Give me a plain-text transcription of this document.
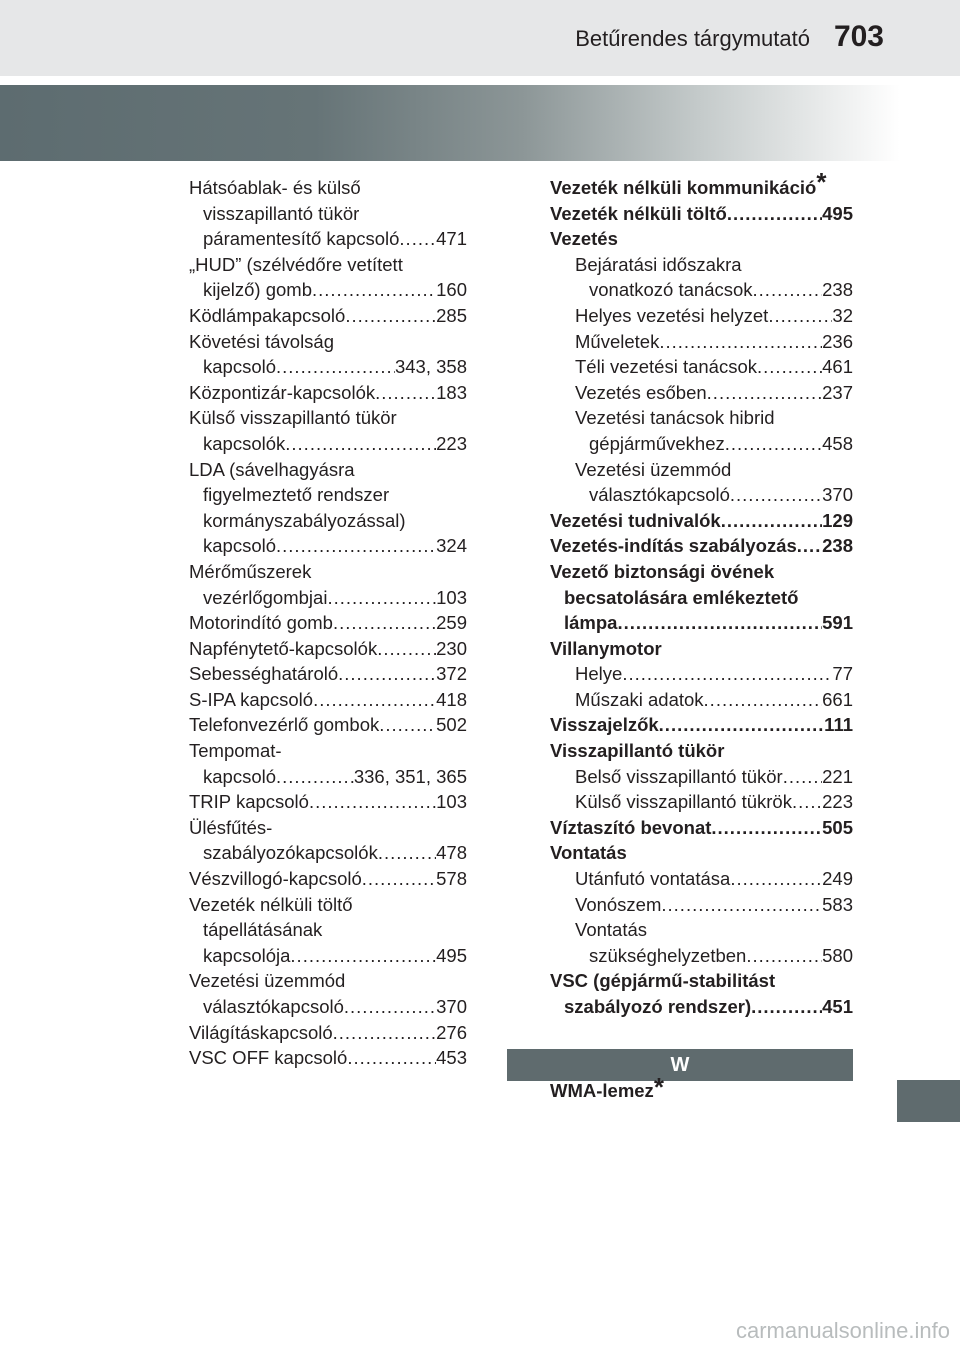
Betűrendes tárgymutató 703
Hátsóablak- és külső
visszapillantó tükör
páramentesítő kapcsoló ..... 471
„HUD” (szélvédőre vetített
kijelző) gomb .....	160
Ködlámpakapcsoló .....	285
Követési távolság
kapcsoló .....	343, 358
Központizár-kapcsolók .....	183
Külső visszapillantó tükör
kapcsolók .....	223
LDA (sávelhagyásra
figyelmeztető rendszer
kormányszabályozással)
kapcsoló .....	324
Mérőműszerek
vezérlőgombjai .....	103
Motorindító gomb .....	259
Napfénytető-kapcsolók .....	230
Sebességhatároló .....	372
S-IPA kapcsoló .....	418
Telefonvezérlő gombok .....	502
Tempomat-
kapcsoló .....	336, 351, 365
TRIP kapcsoló .....	103
Ülésfűtés-
szabályozókapcsolók .....	478
Vészvillogó-kapcsoló .....	578
Vezeték nélküli töltő
tápellátásának
kapcsolója .....	495
Vezetési üzemmód
választókapcsoló .....	370
Világításkapcsoló .....	276
VSC OFF kapcsoló .....	453
Vezeték nélküli kommunikáció*
Vezeték nélküli töltő .....	495
Vezetés
Bejáratási időszakra
vonatkozó tanácsok .....	238
Helyes vezetési helyzet .....	32
Műveletek .....	236
Téli vezetési tanácsok .....	461
Vezetés esőben .....	237
Vezetési tanácsok hibrid
gépjárművekhez .....	458
Vezetési üzemmód
választókapcsoló .....	370
Vezetési tudnivalók .....	129
Vezetés-indítás szabályozás ..... 238
Vezető biztonsági övének
becsatolására emlékeztető
lámpa .....	591
Villanymotor
Helye .....	77
Műszaki adatok .....	661
Visszajelzők .....	111
Visszapillantó tükör
Belső visszapillantó tükör ..... 221
Külső visszapillantó tükrök ..... 223
Víztaszító bevonat .....	505
Vontatás
Utánfutó vontatása .....	249
Vonószem .....	583
Vontatás
szükséghelyzetben .....	580
VSC (gépjármű-stabilitást
szabályozó rendszer) .....	451
W
WMA-lemez*
carmanualsonline.info
